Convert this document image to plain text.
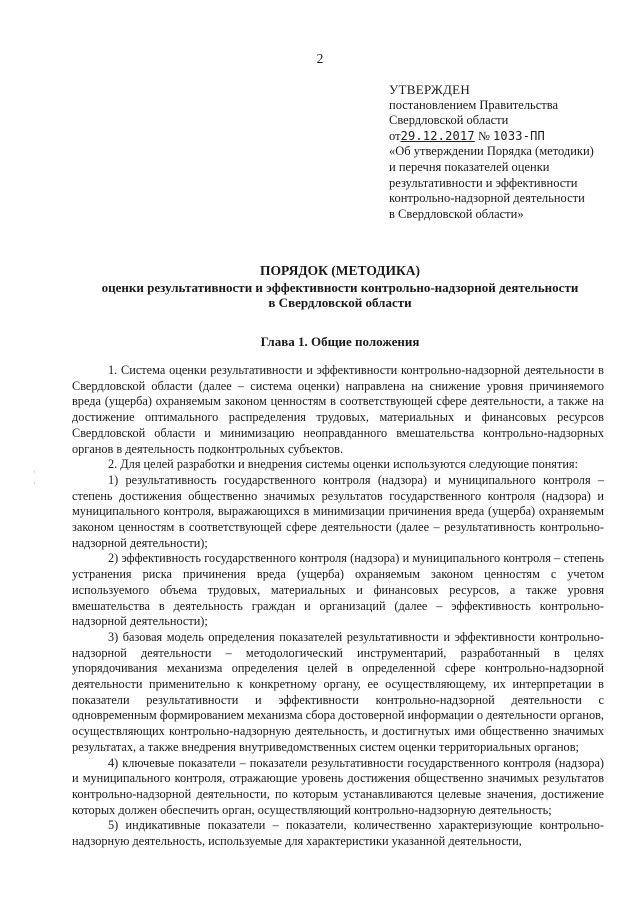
2
УТВЕРЖДЕН
постановлением Правительства
Свердловской области
от29.12.2017 № 1033-ПП
«Об утверждении Порядка (методики)
и перечня показателей оценки
результативности и эффективности
контрольно-надзорной деятельности
в Свердловской области»
ПОРЯДОК (МЕТОДИКА)
оценки результативности и эффективности контрольно-надзорной деятельности
в Свердловской области
Глава 1. Общие положения
·
·

1. Система оценки результативности и эффективности контрольно-надзорной деятельности в Свердловской области (далее – система оценки) направлена на снижение уровня причиняемого вреда (ущерба) охраняемым законом ценностям в соответствующей сфере деятельности, а также на достижение оптимального распределения трудовых, материальных и финансовых ресурсов Свердловской области и минимизацию неоправданного вмешательства контрольно-надзорных органов в деятельность подконтрольных субъектов.

2. Для целей разработки и внедрения системы оценки используются следующие понятия:

1) результативность государственного контроля (надзора) и муниципального контроля – степень достижения общественно значимых результатов государственного контроля (надзора) и муниципального контроля, выражающихся в минимизации причинения вреда (ущерба) охраняемым законом ценностям в соответствующей сфере деятельности (далее – результативность контрольно-надзорной деятельности);

2) эффективность государственного контроля (надзора) и муниципального контроля – степень устранения риска причинения вреда (ущерба) охраняемым законом ценностям с учетом используемого объема трудовых, материальных и финансовых ресурсов, а также уровня вмешательства в деятельность граждан и организаций (далее – эффективность контрольно-надзорной деятельности);

3) базовая модель определения показателей результативности и эффективности контрольно-надзорной деятельности – методологический инструментарий, разработанный в целях упорядочивания механизма определения целей в определенной сфере контрольно-надзорной деятельности применительно к конкретному органу, ее осуществляющему, их интерпретации в показатели результативности и эффективности контрольно-надзорной деятельности с одновременным формированием механизма сбора достоверной информации о деятельности органов, осуществляющих контрольно-надзорную деятельность, и достигнутых ими общественно значимых результатах, а также внедрения внутриведомственных систем оценки территориальных органов;

4) ключевые показатели – показатели результативности государственного контроля (надзора) и муниципального контроля, отражающие уровень достижения общественно значимых результатов контрольно-надзорной деятельности, по которым устанавливаются целевые значения, достижение которых должен обеспечить орган, осуществляющий контрольно-надзорную деятельность;

5) индикативные показатели – показатели, количественно характеризующие контрольно-надзорную деятельность, используемые для характеристики указанной деятельности,
